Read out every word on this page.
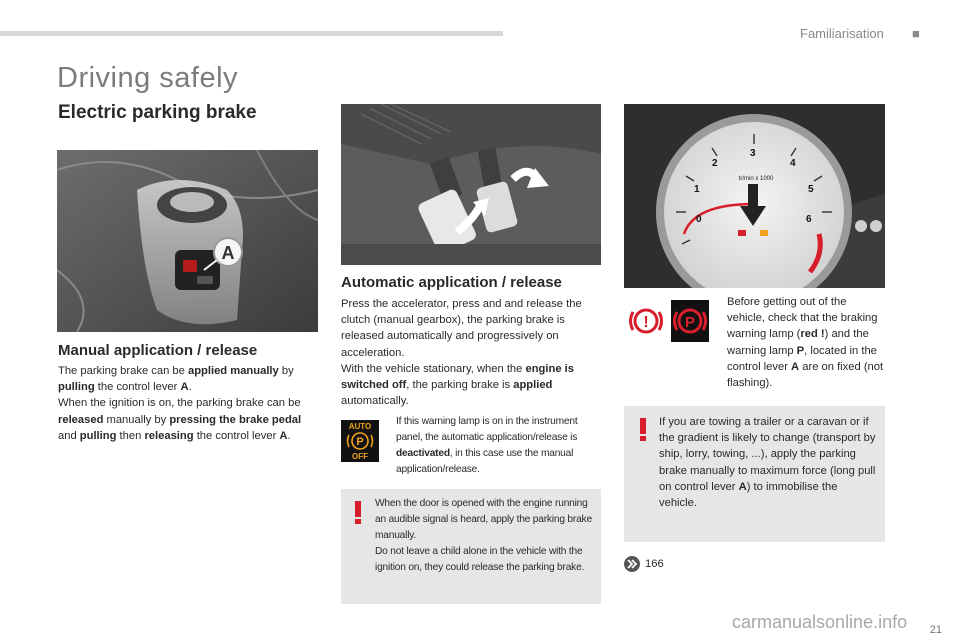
Familiarisation ■
Driving safely
Electric parking brake
A
Manual application / release
The parking brake can be applied manually by pulling the control lever A.
When the ignition is on, the parking brake can be released manually by pressing the brake pedal and pulling then releasing the control lever A.
Automatic application / release
Press the accelerator, press and and release the clutch (manual gearbox), the parking brake is released automatically and progressively on acceleration.
With the vehicle stationary, when the engine is switched off, the parking brake is applied automatically.
AUTO
P
OFF
If this warning lamp is on in the instrument panel, the automatic application/release is deactivated, in this case use the manual application/release.
When the door is opened with the engine running an audible signal is heard, apply the parking brake manually.
Do not leave a child alone in the vehicle with the ignition on, they could release the parking brake.
0
1
2
3
4
5
6
tr/min x 1000
! P
Before getting out of the vehicle, check that the braking warning lamp (red !) and the warning lamp P, located in the control lever A are on fixed (not flashing).
If you are towing a trailer or a caravan or if the gradient is likely to change (transport by ship, lorry, towing, ...), apply the parking brake manually to maximum force (long pull on control lever A) to immobilise the vehicle.
166
carmanualsonline.info 21
